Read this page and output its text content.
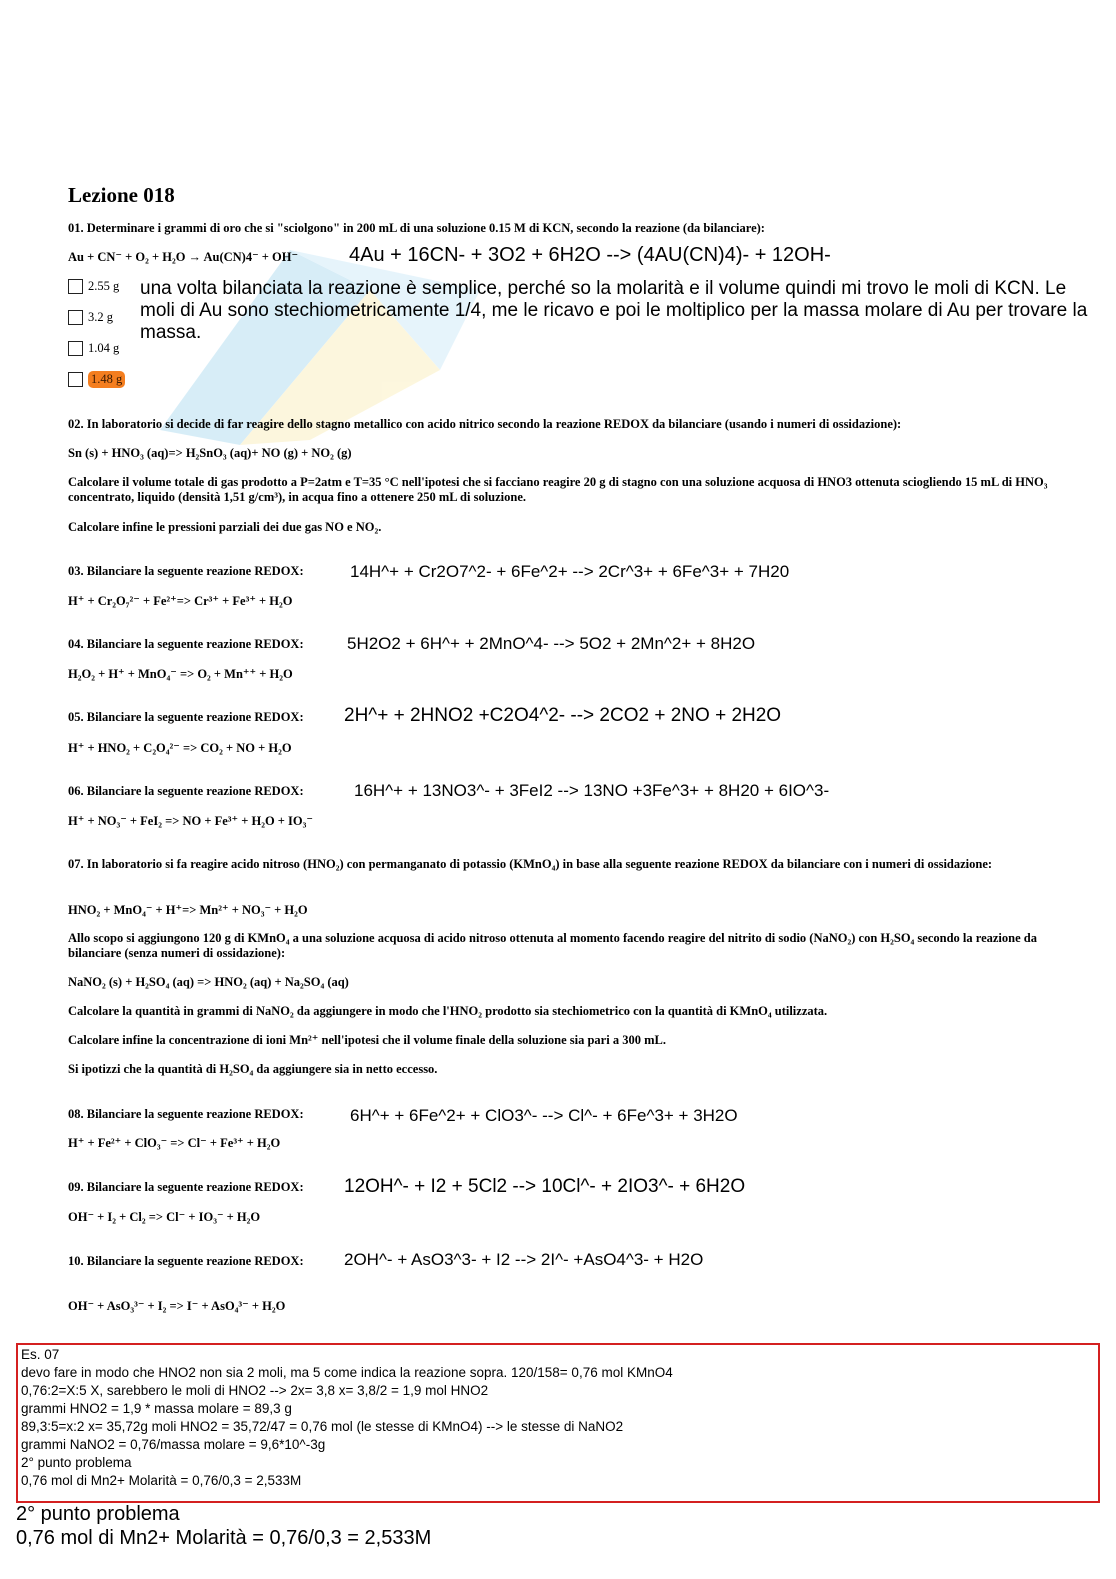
Lezione 018
01. Determinare i grammi di oro che si "sciolgono" in 200 mL di una soluzione 0.15 M di KCN, secondo la reazione (da bilanciare):
Au + CN⁻ + O₂ + H₂O → Au(CN)4⁻ + OH⁻	4Au + 16CN- + 3O2 + 6H2O --> (4AU(CN)4)- + 12OH-
una volta bilanciata la reazione è semplice, perché so la molarità e il volume quindi mi trovo le moli di KCN. Le moli di Au sono stechiometricamente 1/4, me le ricavo e poi le moltiplico per la massa molare di Au per trovare la massa.
2.55 g
3.2 g
1.04 g
1.48 g
02. In laboratorio si decide di far reagire dello stagno metallico con acido nitrico secondo la reazione REDOX da bilanciare (usando i numeri di ossidazione):
Sn (s) + HNO₃ (aq)=> H₂SnO₃ (aq)+ NO (g) + NO₂ (g)
Calcolare il volume totale di gas prodotto a P=2atm e T=35 °C nell'ipotesi che si facciano reagire 20 g di stagno con una soluzione acquosa di HNO3 ottenuta sciogliendo 15 mL di HNO₃ concentrato, liquido (densità 1,51 g/cm³), in acqua fino a ottenere 250 mL di soluzione.
Calcolare infine le pressioni parziali dei due gas NO e NO₂.
03. Bilanciare la seguente reazione REDOX:	14H^+ + Cr2O7^2- + 6Fe^2+ --> 2Cr^3+ + 6Fe^3+ + 7H20
H⁺ + Cr₂O₇²⁻ + Fe²⁺=> Cr³⁺ + Fe³⁺ + H₂O
04. Bilanciare la seguente reazione REDOX:	5H2O2 + 6H^+ + 2MnO^4- --> 5O2 + 2Mn^2+ + 8H2O
H₂O₂ + H⁺ + MnO₄⁻ => O₂ + Mn⁺⁺ + H₂O
05. Bilanciare la seguente reazione REDOX: 2H^+ + 2HNO2 +C2O4^2- --> 2CO2 + 2NO + 2H2O
H⁺ + HNO₂ + C₂O₄²⁻ => CO₂ + NO + H₂O
06. Bilanciare la seguente reazione REDOX:	16H^+ + 13NO3^- + 3FeI2 --> 13NO +3Fe^3+ + 8H20 + 6IO^3-
H⁺ + NO₃⁻ + FeI₂ => NO + Fe³⁺ + H₂O + IO₃⁻
07. In laboratorio si fa reagire acido nitroso (HNO₂) con permanganato di potassio (KMnO₄) in base alla seguente reazione REDOX da bilanciare con i numeri di ossidazione:
HNO₂ + MnO₄⁻ + H⁺=> Mn²⁺ + NO₃⁻ + H₂O
Allo scopo si aggiungono 120 g di KMnO₄ a una soluzione acquosa di acido nitroso ottenuta al momento facendo reagire del nitrito di sodio (NaNO₂) con H₂SO₄ secondo la reazione da bilanciare (senza numeri di ossidazione):
NaNO₂ (s) + H₂SO₄ (aq) => HNO₂ (aq) + Na₂SO₄ (aq)
Calcolare la quantità in grammi di NaNO₂ da aggiungere in modo che l'HNO₂ prodotto sia stechiometrico con la quantità di KMnO₄ utilizzata.
Calcolare infine la concentrazione di ioni Mn²⁺ nell'ipotesi che il volume finale della soluzione sia pari a 300 mL.
Si ipotizzi che la quantità di H₂SO₄ da aggiungere sia in netto eccesso.
08. Bilanciare la seguente reazione REDOX:	6H^+ + 6Fe^2+ + ClO3^- --> Cl^- + 6Fe^3+ + 3H2O
H⁺ + Fe²⁺ + ClO₃⁻ => Cl⁻ + Fe³⁺ + H₂O
09. Bilanciare la seguente reazione REDOX: 12OH^- + I2 + 5Cl2 --> 10Cl^- + 2IO3^- + 6H2O
OH⁻ + I₂ + Cl₂ => Cl⁻ + IO₃⁻ + H₂O
10. Bilanciare la seguente reazione REDOX: 2OH^- + AsO3^3- + I2 --> 2I^- +AsO4^3- + H2O
OH⁻ + AsO₃³⁻ + I₂ => I⁻ + AsO₄³⁻ + H₂O
Es. 07
devo fare in modo che HNO2 non sia 2 moli, ma 5 come indica la reazione sopra. 120/158= 0,76 mol KMnO4
0,76:2=X:5 X, sarebbero le moli di HNO2 --> 2x= 3,8 x= 3,8/2 = 1,9 mol HNO2
grammi HNO2 = 1,9 * massa molare = 89,3 g
89,3:5=x:2 x= 35,72g moli HNO2 = 35,72/47 = 0,76 mol (le stesse di KMnO4) --> le stesse di NaNO2
grammi NaNO2 = 0,76/massa molare = 9,6*10^-3g
2° punto problema
0,76 mol di Mn2+ Molarità = 0,76/0,3 = 2,533M
2° punto problema
0,76 mol di Mn2+ Molarità = 0,76/0,3 = 2,533M
